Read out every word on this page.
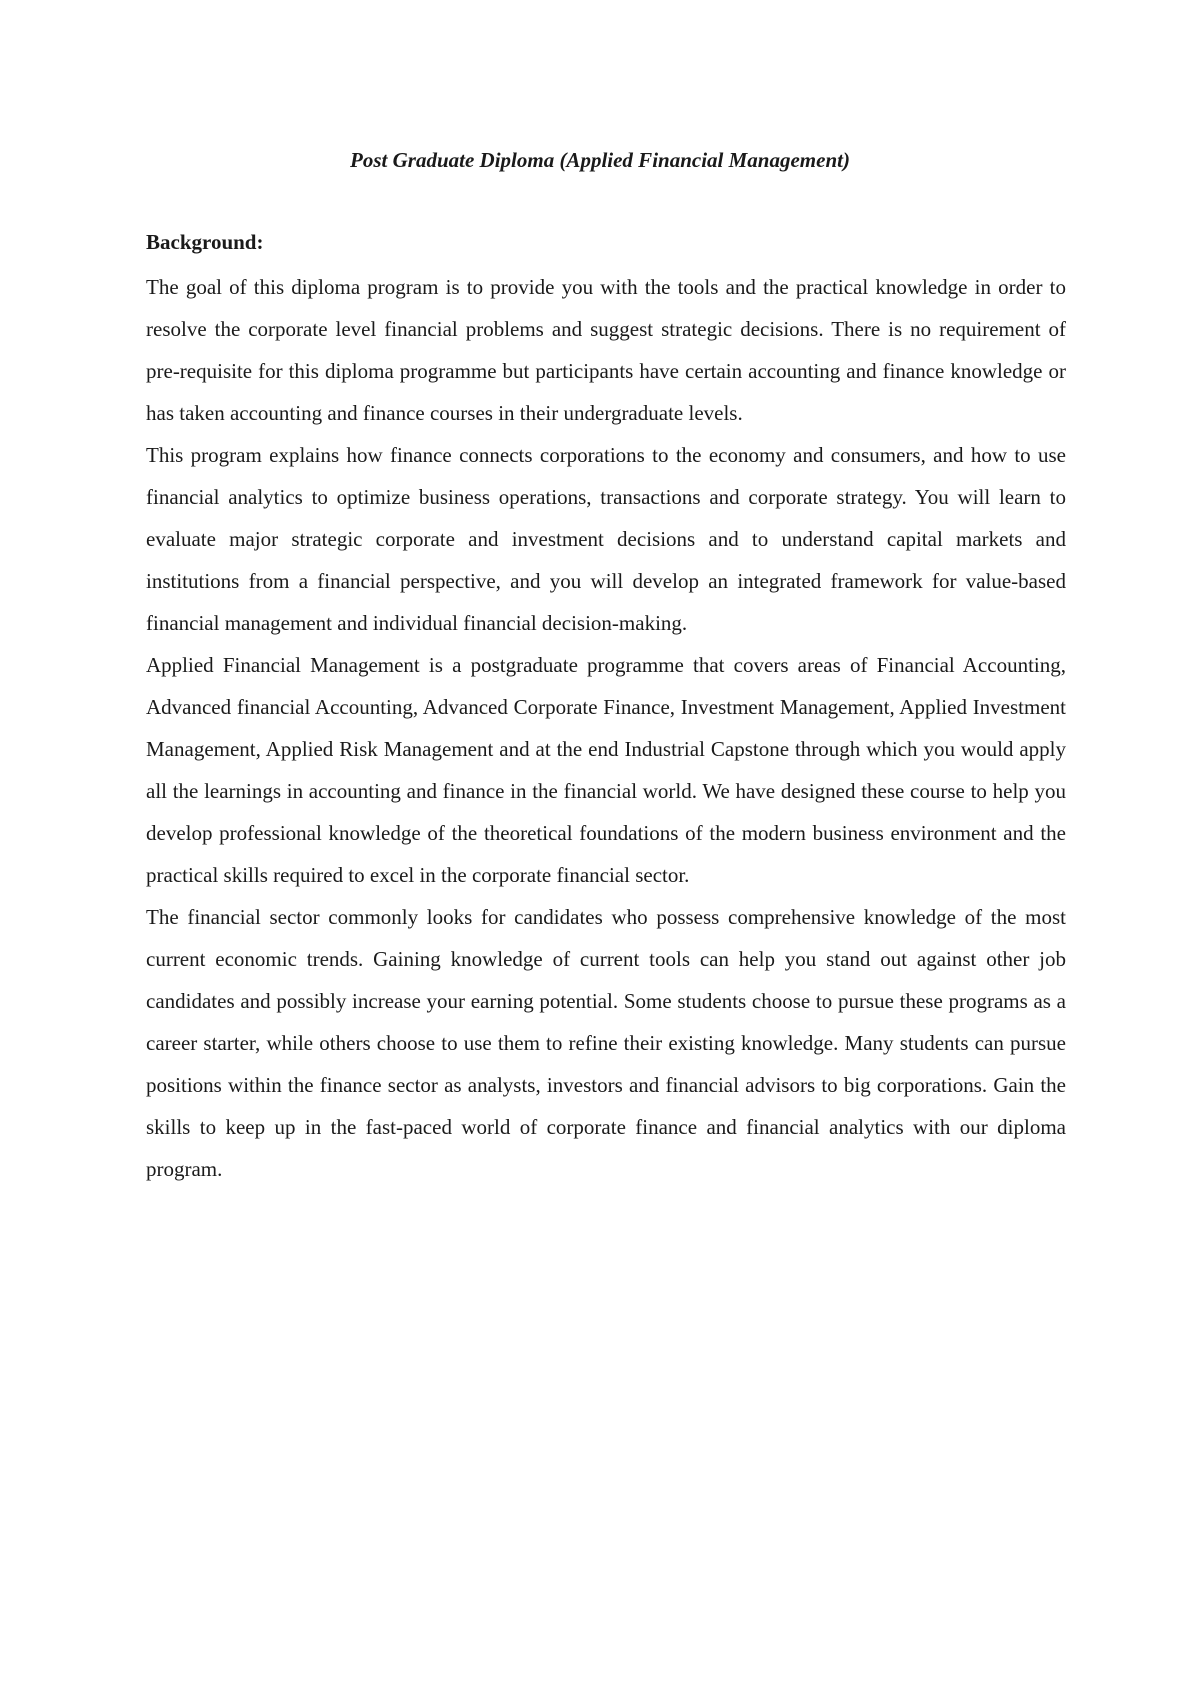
Post Graduate Diploma (Applied Financial Management)

Background:

The goal of this diploma program is to provide you with the tools and the practical knowledge in order to resolve the corporate level financial problems and suggest strategic decisions. There is no requirement of pre-requisite for this diploma programme but participants have certain accounting and finance knowledge or has taken accounting and finance courses in their undergraduate levels.

This program explains how finance connects corporations to the economy and consumers, and how to use financial analytics to optimize business operations, transactions and corporate strategy. You will learn to evaluate major strategic corporate and investment decisions and to understand capital markets and institutions from a financial perspective, and you will develop an integrated framework for value-based financial management and individual financial decision-making.

Applied Financial Management is a postgraduate programme that covers areas of Financial Accounting, Advanced financial Accounting, Advanced Corporate Finance, Investment Management, Applied Investment Management, Applied Risk Management and at the end Industrial Capstone through which you would apply all the learnings in accounting and finance in the financial world. We have designed these course to help you develop professional knowledge of the theoretical foundations of the modern business environment and the practical skills required to excel in the corporate financial sector.

The financial sector commonly looks for candidates who possess comprehensive knowledge of the most current economic trends. Gaining knowledge of current tools can help you stand out against other job candidates and possibly increase your earning potential. Some students choose to pursue these programs as a career starter, while others choose to use them to refine their existing knowledge. Many students can pursue positions within the finance sector as analysts, investors and financial advisors to big corporations. Gain the skills to keep up in the fast-paced world of corporate finance and financial analytics with our diploma program.
